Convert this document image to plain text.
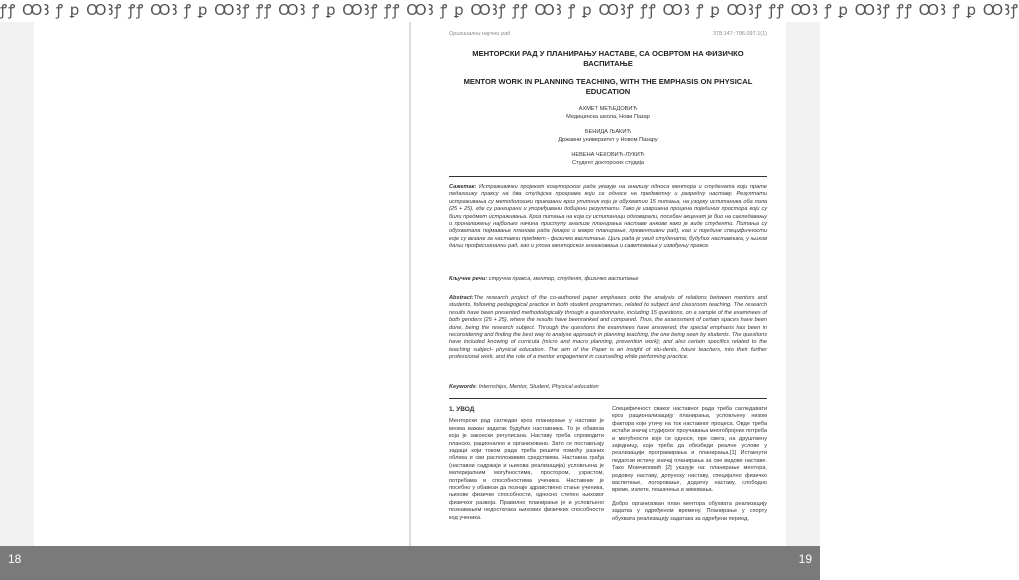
ꝭꝭ ꝎꜢ ꝭ ꝑ ꝎꜢꝭ ꝭꝭ ꝎꜢ ꝭ ꝑ ꝎꜢꝭ ꝭꝭ ꝎꜢ ꝭ ꝑ ꝎꜢꝭ ꝭꝭ ꝎꜢ ꝭ ꝑ ꝎꜢꝭ ꝭꝭ ꝎꜢ ꝭ ꝑ ꝎꜢꝭ ꝭꝭ ꝎꜢ ꝭ ꝑ ꝎꜢꝭ ꝭꝭ ꝎꜢ ꝭ ꝑ ꝎꜢꝭ ꝭꝭ ꝎꜢ ꝭ ꝑ ꝎꜢꝭ
Оригинални научни рад	378.147::796.097.1(1)
МЕНТОРСКИ РАД У ПЛАНИРАЊУ НАСТАВЕ, СА ОСВРТОМ НА ФИЗИЧКО ВАСПИТАЊЕ
MENTOR WORK IN PLANNING TEACHING, WITH THE EMPHASIS ON PHYSICAL EDUCATION
АХМЕТ МЕЂЕДОВИЋ
Медицинска школа, Нови Пазар
БЕНИДА ЉАКИЋ
Државни универзитет у Новом Пазару
НЕВЕНА ЧЕКОВИЋ-ЛУКИЋ
Студент докторских студија
Сажетак: Истраживачки пројекат коауторског рада указује на анализу односа ментора и студената који прате педагошку праксу на два студијска програма који се односе на предметну и разредну наставу. Резултати истраживања су методолошки приказани кроз упитник који је обухватио 15 питања, на узорку испитаника оба пола (25 + 25), где су рангирани и упоређивани добијени резултати. Тако је извршена процена појединих простора који су били предмет истраживања. Кроз питања на која су испитаници одговарали, посебан акценат је био на сагледавању и проналажењу најбољег начина приступу анализе планирања наставе анкове како је виде студенти. Питања су обухватала појмавање планова рада (микро и макро планирање, превентивни рад), као и поједине специфичности које су везане за наставни предмет - физичко васпитање. Циљ рада је увид студената, будућих наставника, у њихов даљи професионални рад, као и улога менторског ангажовања и саветовања у извођењу праксе.
Кључне речи: стручна пракса, ментор, студент, физичко васпитање
Abstract:The research project of the co-authored paper emphases onto the analysis of relations between mentors and students, following pedagogical practice in both student programmes, related to subject and classroom teaching. The research results have been presented methodologically through a questionnaire, including 15 questions, on a sample of the examinees of both genders (25 + 25), where the results have beenranked and compared. Thus, the assessment of certain spaces have been done, being the research subject. Through the questions the examinees have answered, the special emphasis has been in reconsidering and finding the best way to analyse approach in planning teaching, the one being seen by students. The questions have included knowing of curricula (micro and macro planning, prevention work); and also certain specifics related to the teaching subject- physical education. The aim of the Paper is an insight of stu-dents, future teachers, into their further professional work, and the role of a mentor engagement in counselling while performing practice.
Keywords: Internships, Mentor, Student, Physical education
1. УВОД
Менторски рад сагледан кроз планирање у настави је веома важан задатак будућих наставника. То је обавеза која је законски регулисана. Наставу треба спроводити планско, рационално и организовано. Зато се постављају задаци који током рада треба решити помоћу разних облика и сви расположивим средствима. Наставна грађа (наставни садржаји и њихова реализација) условљена је материјалним могућностима, простором, узрастом, потребама и способностима ученика. Наставник је посебно у обавези да познаје здравствено стање ученика, њихове физичке способности, односно степен њиховог физичког развоја. Правилно планирање је и условљено познавањем недостатака њихових физичких способности код ученика.
Специфичност сваког наставног рада треба сагледавати кроз рационализацију планирања, условљену низом фактора који утичу на ток наставног процеса. Овде треба истаћи значај студијског проучавања многобројних потреба и могућности које се односе, пре свега, на друштвену заједницу, која треба да обезбеди реалне услове у реализацији програмирања и планирања.[1] Истакнути педагози истичу значај планирања за све видове наставе. Тако Момчиловић [2] указује на: планирање ментора, редовну наставу, допунску наставу, специјално физичко васпитање, логоровање, додатну наставу, слободно време, излете, пешачења и зимовања.
Добро организован план ментора обухвата реализацију задатка у одређеном времену. Планирање у спорту обухвата реализацију задатака за одређени период,
18	19
